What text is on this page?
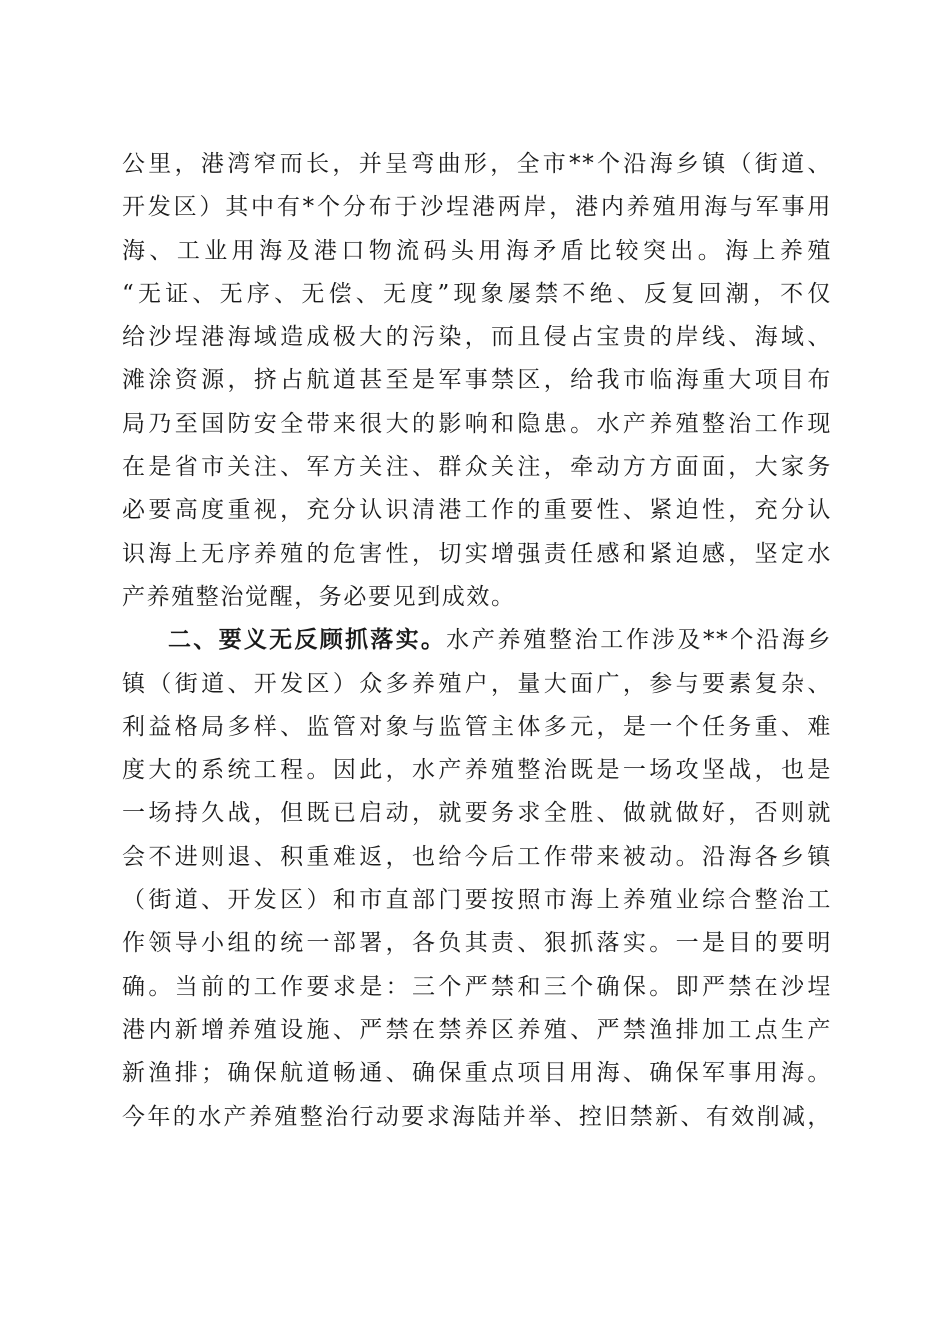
公里，港湾窄而长，并呈弯曲形，全市**个沿海乡镇（街道、
开发区）其中有*个分布于沙埕港两岸，港内养殖用海与军事用
海、工业用海及港口物流码头用海矛盾比较突出。海上养殖
“无证、无序、无偿、无度”现象屡禁不绝、反复回潮，不仅
给沙埕港海域造成极大的污染，而且侵占宝贵的岸线、海域、
滩涂资源，挤占航道甚至是军事禁区，给我市临海重大项目布
局乃至国防安全带来很大的影响和隐患。水产养殖整治工作现
在是省市关注、军方关注、群众关注，牵动方方面面，大家务
必要高度重视，充分认识清港工作的重要性、紧迫性，充分认
识海上无序养殖的危害性，切实增强责任感和紧迫感，坚定水
产养殖整治觉醒，务必要见到成效。
二、要义无反顾抓落实。水产养殖整治工作涉及**个沿海乡
镇（街道、开发区）众多养殖户，量大面广，参与要素复杂、
利益格局多样、监管对象与监管主体多元，是一个任务重、难
度大的系统工程。因此，水产养殖整治既是一场攻坚战，也是
一场持久战，但既已启动，就要务求全胜、做就做好，否则就
会不进则退、积重难返，也给今后工作带来被动。沿海各乡镇
（街道、开发区）和市直部门要按照市海上养殖业综合整治工
作领导小组的统一部署，各负其责、狠抓落实。一是目的要明
确。当前的工作要求是：三个严禁和三个确保。即严禁在沙埕
港内新增养殖设施、严禁在禁养区养殖、严禁渔排加工点生产
新渔排；确保航道畅通、确保重点项目用海、确保军事用海。
今年的水产养殖整治行动要求海陆并举、控旧禁新、有效削减，
